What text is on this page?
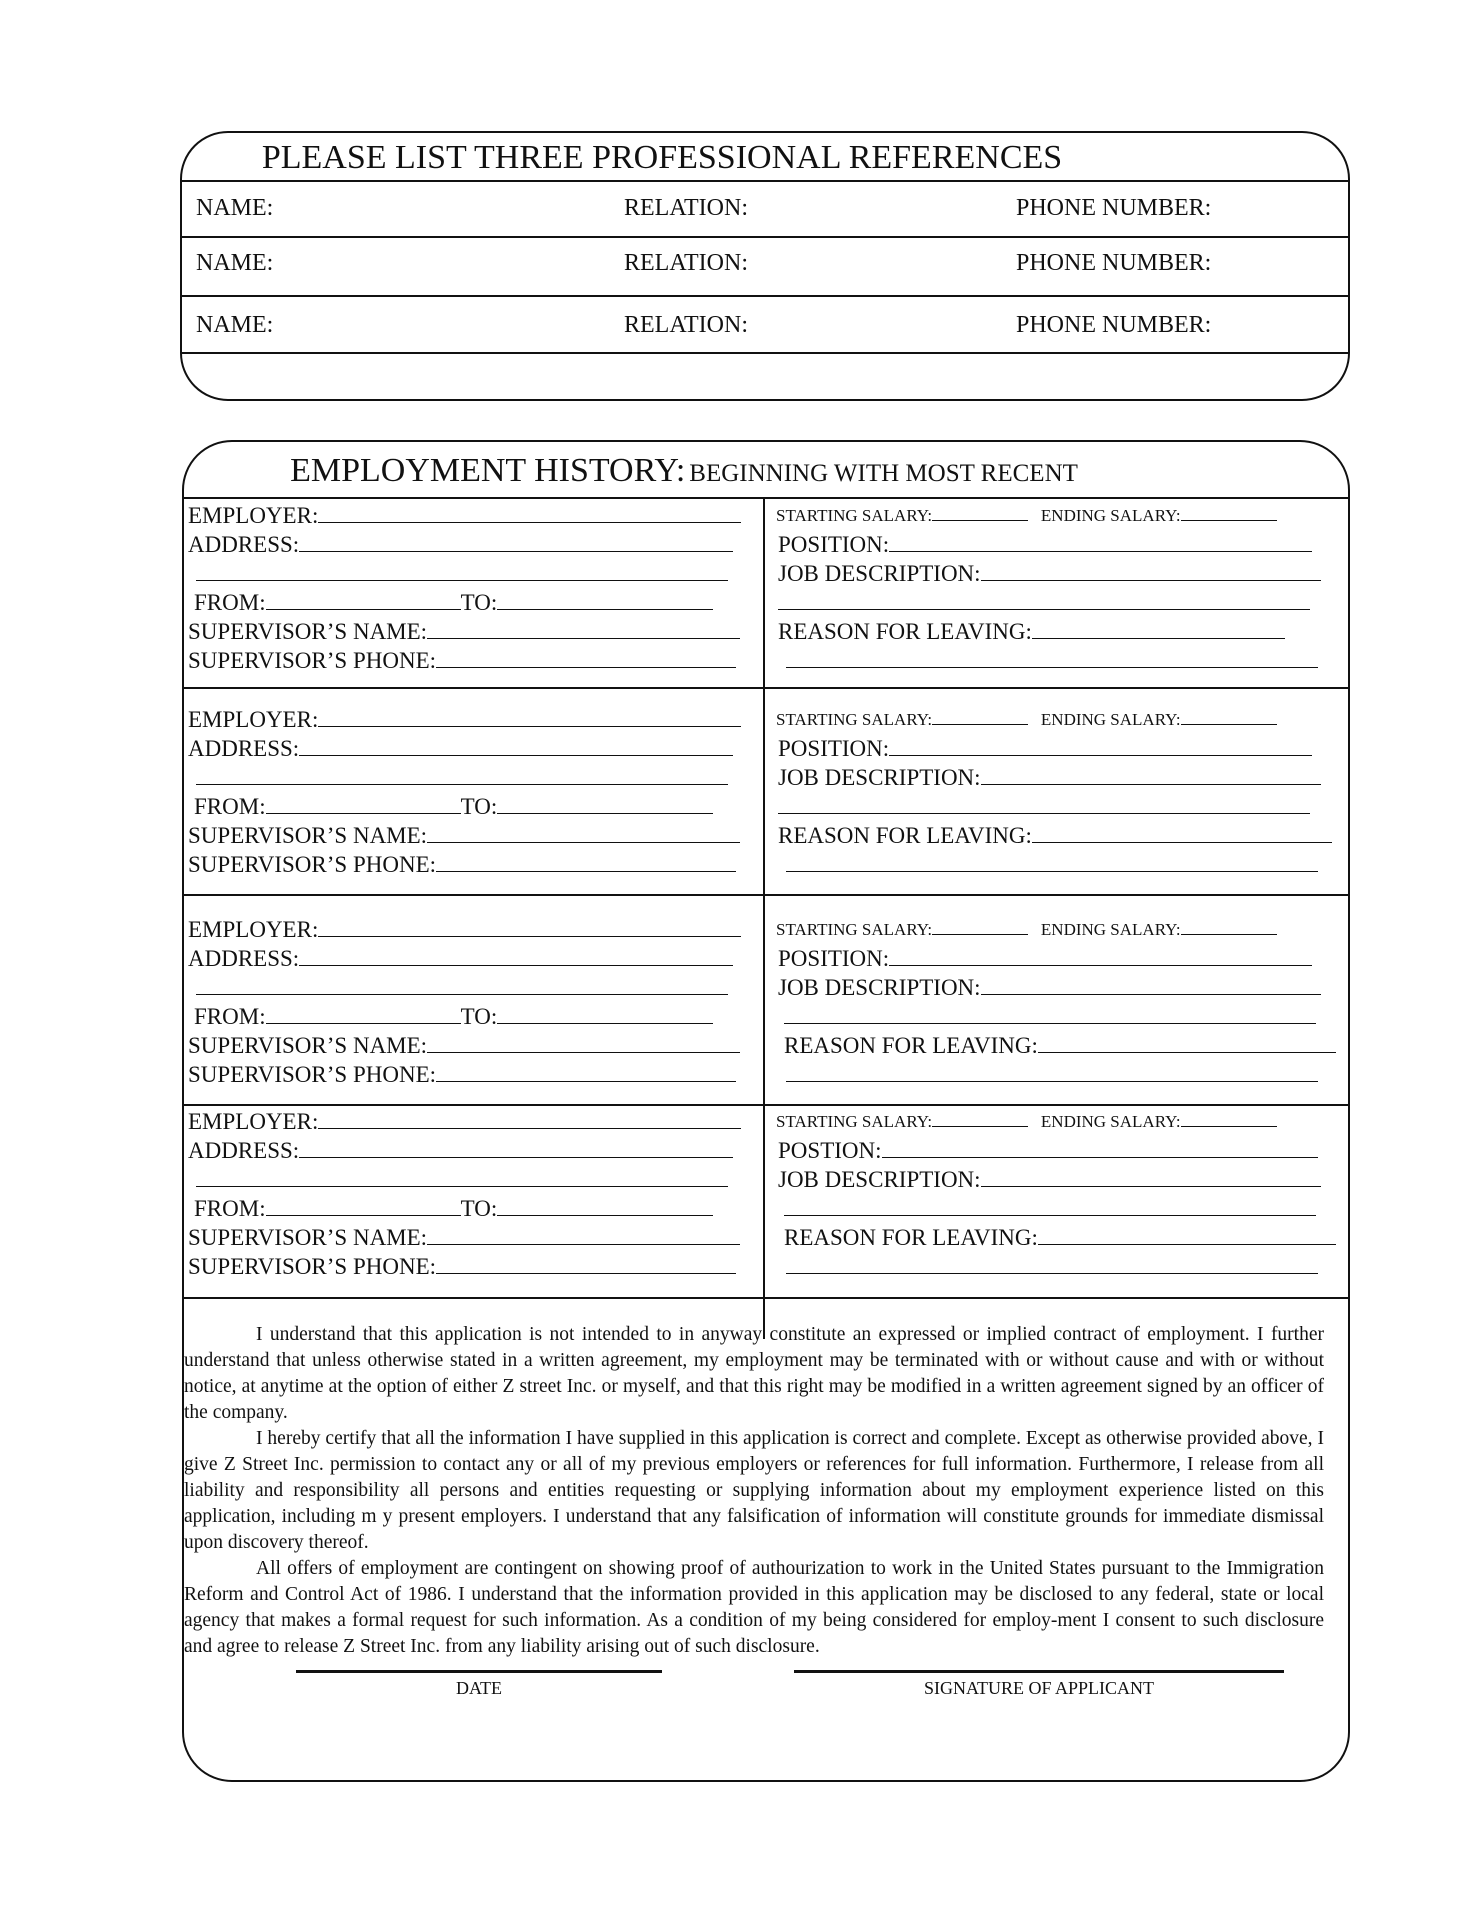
PLEASE LIST THREE PROFESSIONAL REFERENCES
NAME:	RELATION:	PHONE NUMBER:
NAME:	RELATION:	PHONE NUMBER:
NAME:	RELATION:	PHONE NUMBER:
EMPLOYMENT HISTORY: BEGINNING WITH MOST RECENT
EMPLOYER:
ADDRESS:
FROM:	TO:
SUPERVISOR’S NAME:
SUPERVISOR’S PHONE:
STARTING SALARY:	ENDING SALARY:
POSITION:
JOB DESCRIPTION:
REASON FOR LEAVING:
EMPLOYER:
ADDRESS:
FROM:	TO:
SUPERVISOR’S NAME:
SUPERVISOR’S PHONE:
STARTING SALARY:	ENDING SALARY:
POSITION:
JOB DESCRIPTION:
REASON FOR LEAVING:
EMPLOYER:
ADDRESS:
FROM:	TO:
SUPERVISOR’S NAME:
SUPERVISOR’S PHONE:
STARTING SALARY:	ENDING SALARY:
POSITION:
JOB DESCRIPTION:
REASON FOR LEAVING:
EMPLOYER:
ADDRESS:
FROM:	TO:
SUPERVISOR’S NAME:
SUPERVISOR’S PHONE:
STARTING SALARY:	ENDING SALARY:
POSTION:
JOB DESCRIPTION:
REASON FOR LEAVING:

I understand that this application is not intended to in anyway constitute an expressed or implied contract of employment. I further understand that unless otherwise stated in a written agreement, my employment may be terminated with or without cause and with or without notice, at anytime at the option of either Z street Inc. or myself, and that this right may be modified in a written agreement signed by an officer of the company.

I hereby certify that all the information I have supplied in this application is correct and complete. Except as otherwise provided above, I give Z Street Inc. permission to contact any or all of my previous employers or references for full information. Furthermore, I release from all liability and responsibility all persons and entities requesting or supplying information about my employment experience listed on this application, including m y present employers. I understand that any falsification of information will constitute grounds for immediate dismissal upon discovery thereof.

All offers of employment are contingent on showing proof of authourization to work in the United States pursuant to the Immigration Reform and Control Act of 1986. I understand that the information provided in this application may be disclosed to any federal, state or local agency that makes a formal request for such information. As a condition of my being considered for employ-ment I consent to such disclosure and agree to release Z Street Inc. from any liability arising out of such disclosure.

DATE	SIGNATURE OF APPLICANT
